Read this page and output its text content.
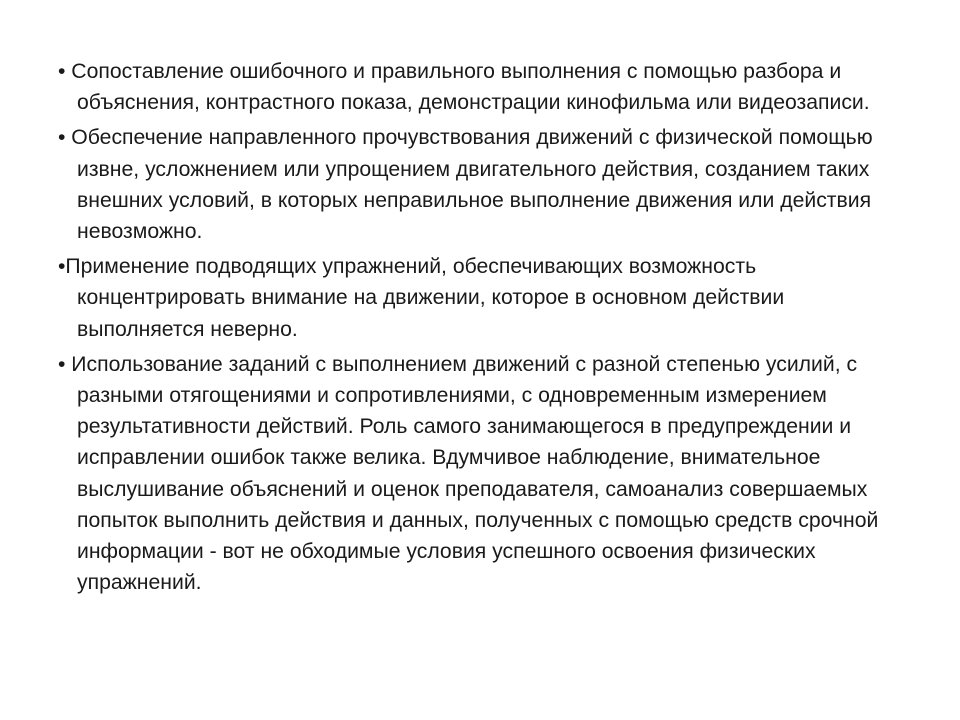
• Сопоставление ошибочного и правильного выполнения с помощью разбора и объяснения, контрастного показа, демонстрации кинофильма или видеозаписи.

• Обеспечение направленного прочувствования движений с физической помощью извне, усложнением или упрощением двигательного действия, созданием таких внешних условий, в которых неправильное выполнение движения или действия невозможно.

•Применение подводящих упражнений, обеспечивающих возможность концентрировать внимание на движении, которое в основном действии выполняется неверно.

• Использование заданий с выполнением движений с разной степенью усилий, с разными отягощениями и сопротивлениями, с одновременным измерением результативности действий. Роль самого занимающегося в предупреждении и исправлении ошибок также велика. Вдумчивое наблюдение, внимательное выслушивание объяснений и оценок преподавателя, самоанализ совершаемых попыток выполнить действия и данных, полученных с помощью средств срочной информации - вот не обходимые условия успешного освоения физических упражнений.
